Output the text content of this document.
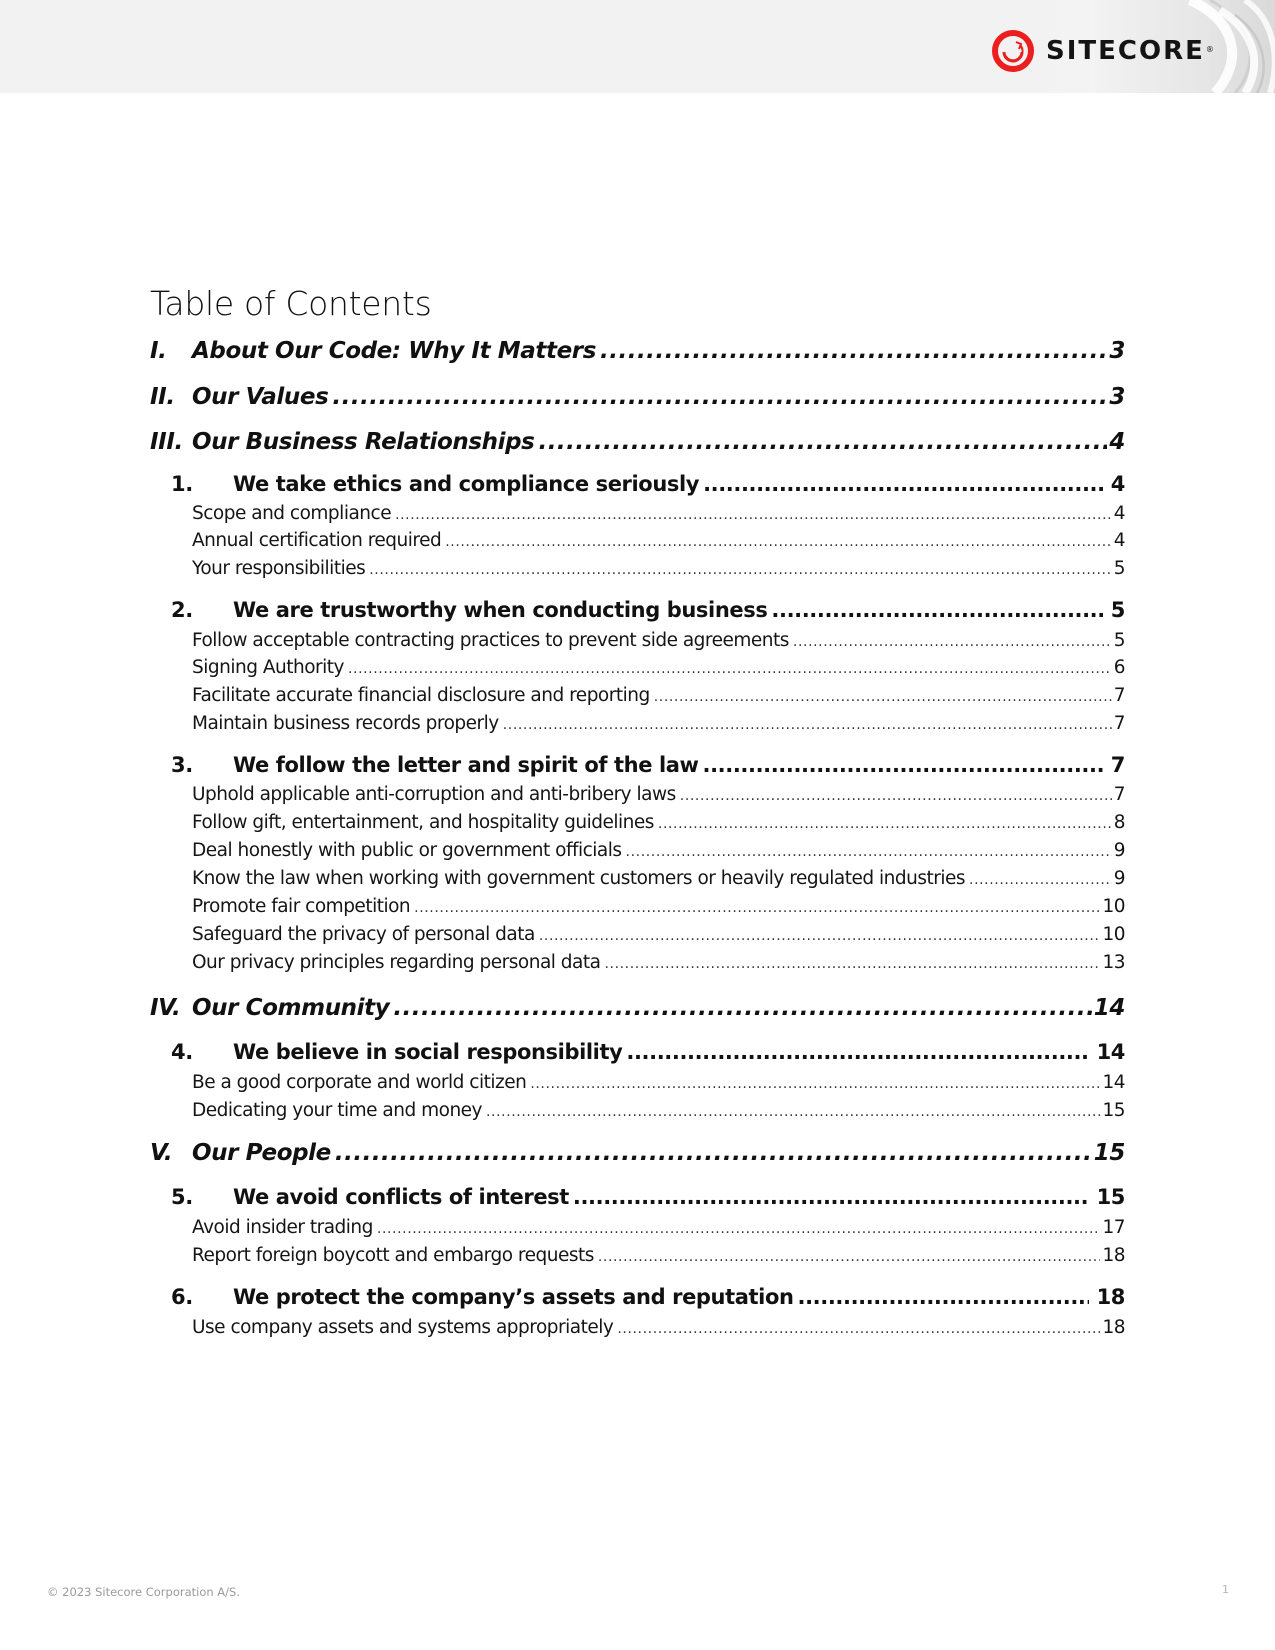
SITECORE ®
Table of Contents
I.	About Our Code: Why It Matters .....	3
II. Our Values .....	3
III. Our Business Relationships .....	4
1.	We take ethics and compliance seriously .....	4
Scope and compliance .....	4
Annual certification required .....	4
Your responsibilities .....	5
2.	We are trustworthy when conducting business .....	5
Follow acceptable contracting practices to prevent side agreements .....	5
Signing Authority .....	6
Facilitate accurate financial disclosure and reporting .....	7
Maintain business records properly .....	7
3.	We follow the letter and spirit of the law .....	7
Uphold applicable anti-corruption and anti-bribery laws .....	7
Follow gift, entertainment, and hospitality guidelines .....	8
Deal honestly with public or government officials .....	9
Know the law when working with government customers or heavily regulated industries .....	9
Promote fair competition .....	10
Safeguard the privacy of personal data .....	10
Our privacy principles regarding personal data .....	13
IV. Our Community .....	14
4.	We believe in social responsibility .....	14
Be a good corporate and world citizen .....	14
Dedicating your time and money .....	15
V. Our People .....	15
5.	We avoid conflicts of interest .....	15
Avoid insider trading .....	17
Report foreign boycott and embargo requests .....	18
6.	We protect the company’s assets and reputation .....	18
Use company assets and systems appropriately .....	18
© 2023 Sitecore Corporation A/S.	1
